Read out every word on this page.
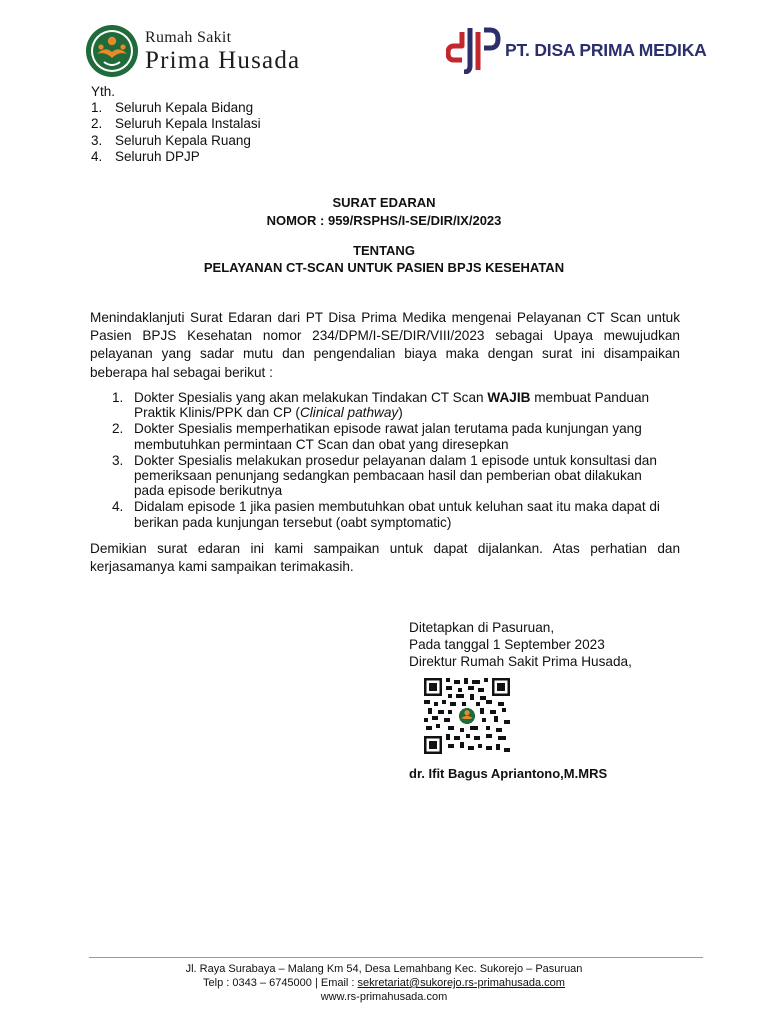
Rumah Sakit
Prima Husada	PT. DISA PRIMA MEDIKA
Yth.
1. Seluruh Kepala Bidang
2. Seluruh Kepala Instalasi
3. Seluruh Kepala Ruang
4. Seluruh DPJP
SURAT EDARAN
NOMOR : 959/RSPHS/I-SE/DIR/IX/2023
TENTANG
PELAYANAN CT-SCAN UNTUK PASIEN BPJS KESEHATAN
Menindaklanjuti Surat Edaran dari PT Disa Prima Medika mengenai Pelayanan CT Scan untuk Pasien BPJS Kesehatan nomor 234/DPM/I-SE/DIR/VIII/2023 sebagai Upaya mewujudkan pelayanan yang sadar mutu dan pengendalian biaya maka dengan surat ini disampaikan beberapa hal sebagai berikut :
1. Dokter Spesialis yang akan melakukan Tindakan CT Scan WAJIB membuat Panduan Praktik Klinis/PPK dan CP (Clinical pathway)
2. Dokter Spesialis memperhatikan episode rawat jalan terutama pada kunjungan yang membutuhkan permintaan CT Scan dan obat yang diresepkan
3. Dokter Spesialis melakukan prosedur pelayanan dalam 1 episode untuk konsultasi dan pemeriksaan penunjang sedangkan pembacaan hasil dan pemberian obat dilakukan pada episode berikutnya
4. Didalam episode 1 jika pasien membutuhkan obat untuk keluhan saat itu maka dapat di berikan pada kunjungan tersebut (oabt symptomatic)
Demikian surat edaran ini kami sampaikan untuk dapat dijalankan. Atas perhatian dan kerjasamanya kami sampaikan terimakasih.
Ditetapkan di Pasuruan,
Pada tanggal 1 September 2023
Direktur Rumah Sakit Prima Husada,
dr. Ifit Bagus Apriantono,M.MRS
Jl. Raya Surabaya – Malang Km 54, Desa Lemahbang Kec. Sukorejo – Pasuruan
Telp : 0343 – 6745000 | Email : sekretariat@sukorejo.rs-primahusada.com
www.rs-primahusada.com
